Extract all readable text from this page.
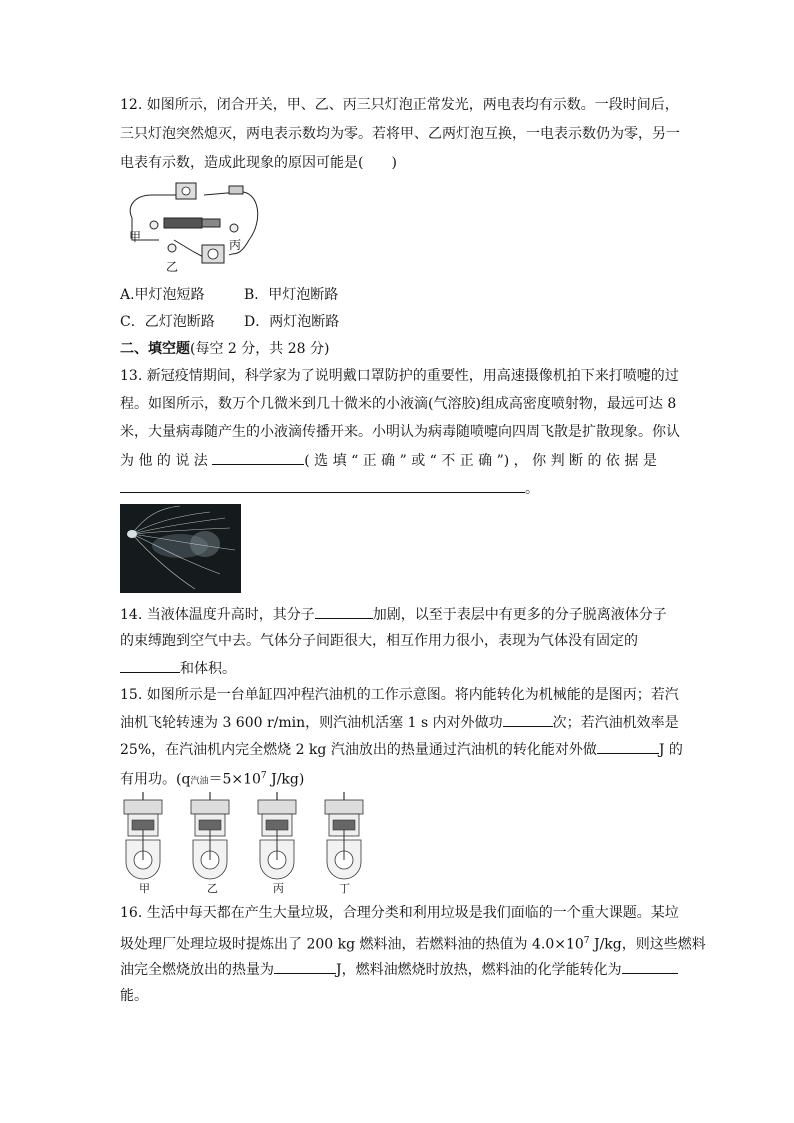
12. 如图所示，闭合开关，甲、乙、丙三只灯泡正常发光，两电表均有示数。一段时间后，
三只灯泡突然熄灭，两电表示数均为零。若将甲、乙两灯泡互换，一电表示数仍为零，另一
电表有示数，造成此现象的原因可能是(　　)
甲
丙
乙
A.甲灯泡短路	B．甲灯泡断路
C．乙灯泡断路 D．两灯泡断路
二、填空题(每空 2 分，共 28 分)
13. 新冠疫情期间，科学家为了说明戴口罩防护的重要性，用高速摄像机拍下来打喷嚏的过
程。如图所示，数万个几微米到几十微米的小液滴(气溶胶)组成高密度喷射物，最远可达 8
米，大量病毒随产生的小液滴传播开来。小明认为病毒随喷嚏向四周飞散是扩散现象。你认
为 他 的 说 法	( 选 填 “ 正 确 ” 或 “ 不 正 确 ”) ， 你 判 断 的 依 据 是
。
14. 当液体温度升高时，其分子	加剧，以至于表层中有更多的分子脱离液体分子
的束缚跑到空气中去。气体分子间距很大，相互作用力很小，表现为气体没有固定的
和体积。
15. 如图所示是一台单缸四冲程汽油机的工作示意图。将内能转化为机械能的是图丙；若汽
油机飞轮转速为 3 600 r/min，则汽油机活塞 1 s 内对外做功	次；若汽油机效率是
25%，在汽油机内完全燃烧 2 kg 汽油放出的热量通过汽油机的转化能对外做	J 的
有用功。(q汽油$=5\times 10^7$ J/kg)
甲	乙	丙	丁
16. 生活中每天都在产生大量垃圾，合理分类和利用垃圾是我们面临的一个重大课题。某垃
圾处理厂处理垃圾时提炼出了 200 kg 燃料油，若燃料油的热值为 $4.0\times 10^7$ J/kg，则这些燃料
油完全燃烧放出的热量为	J，燃料油燃烧时放热，燃料油的化学能转化为
能。
